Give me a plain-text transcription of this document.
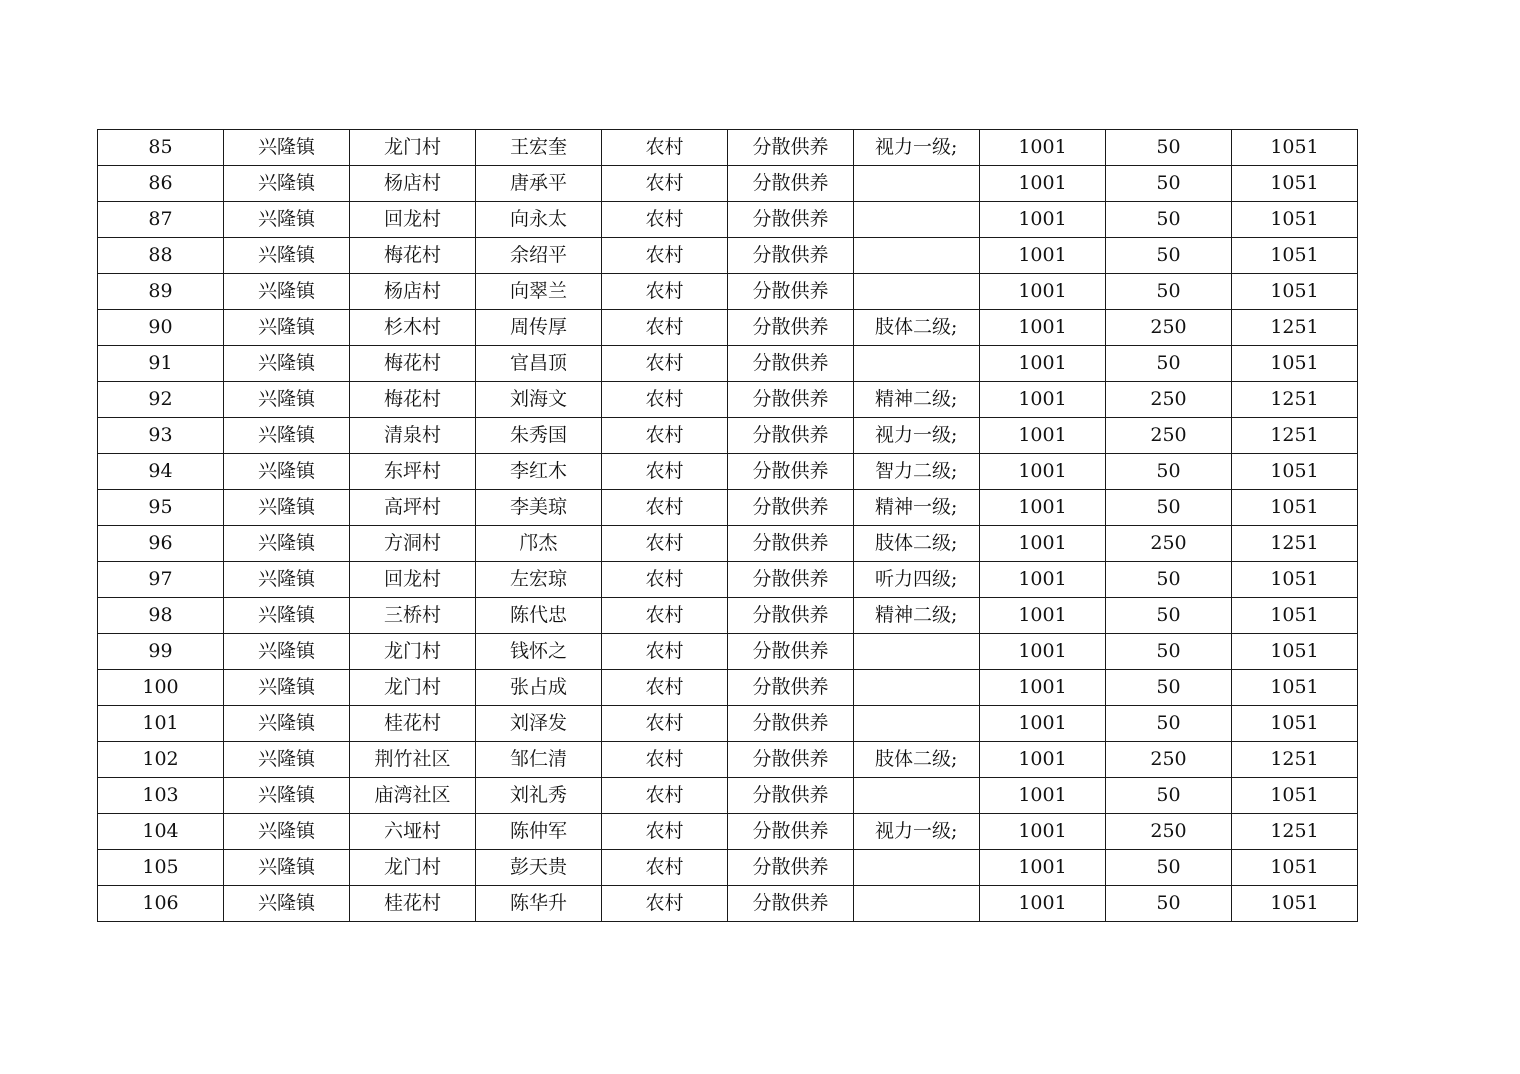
85	兴隆镇	龙门村	王宏奎	农村	分散供养	视力一级;	1001	50	1051
86	兴隆镇	杨店村	唐承平	农村	分散供养		1001	50	1051
87	兴隆镇	回龙村	向永太	农村	分散供养		1001	50	1051
88	兴隆镇	梅花村	余绍平	农村	分散供养		1001	50	1051
89	兴隆镇	杨店村	向翠兰	农村	分散供养		1001	50	1051
90	兴隆镇	杉木村	周传厚	农村	分散供养	肢体二级;	1001	250	1251
91	兴隆镇	梅花村	官昌顶	农村	分散供养		1001	50	1051
92	兴隆镇	梅花村	刘海文	农村	分散供养	精神二级;	1001	250	1251
93	兴隆镇	清泉村	朱秀国	农村	分散供养	视力一级;	1001	250	1251
94	兴隆镇	东坪村	李红木	农村	分散供养	智力二级;	1001	50	1051
95	兴隆镇	高坪村	李美琼	农村	分散供养	精神一级;	1001	50	1051
96	兴隆镇	方洞村	邝杰	农村	分散供养	肢体二级;	1001	250	1251
97	兴隆镇	回龙村	左宏琼	农村	分散供养	听力四级;	1001	50	1051
98	兴隆镇	三桥村	陈代忠	农村	分散供养	精神二级;	1001	50	1051
99	兴隆镇	龙门村	钱怀之	农村	分散供养		1001	50	1051
100	兴隆镇	龙门村	张占成	农村	分散供养		1001	50	1051
101	兴隆镇	桂花村	刘泽发	农村	分散供养		1001	50	1051
102	兴隆镇	荆竹社区	邹仁清	农村	分散供养	肢体二级;	1001	250	1251
103	兴隆镇	庙湾社区	刘礼秀	农村	分散供养		1001	50	1051
104	兴隆镇	六垭村	陈仲军	农村	分散供养	视力一级;	1001	250	1251
105	兴隆镇	龙门村	彭天贵	农村	分散供养		1001	50	1051
106	兴隆镇	桂花村	陈华升	农村	分散供养		1001	50	1051
